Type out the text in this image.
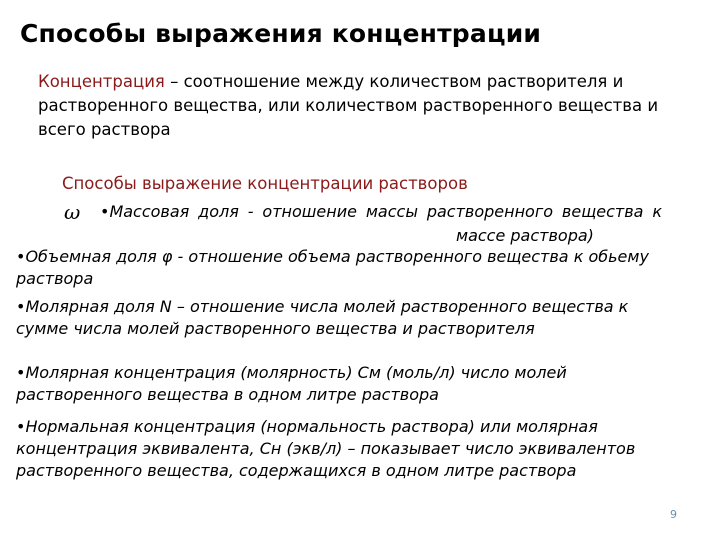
Способы выражения концентрации
Концентрация – соотношение между количеством растворителя и растворенного вещества, или количеством растворенного вещества и всего раствора
Способы выражение концентрации растворов
ω •Массовая доля - отношение массы растворенного вещества к
массе раствора)
•Объемная доля φ - отношение объема растворенного вещества к обьему раствора
•Молярная доля N – отношение числа молей растворенного вещества к сумме числа молей растворенного вещества и растворителя
•Молярная концентрация (молярность) См (моль/л) число молей растворенного вещества в одном литре раствора
•Нормальная концентрация (нормальность раствора) или молярная концентрация эквивалента, Сн (экв/л) – показывает число эквивалентов растворенного вещества, содержащихся в одном литре раствора
9
